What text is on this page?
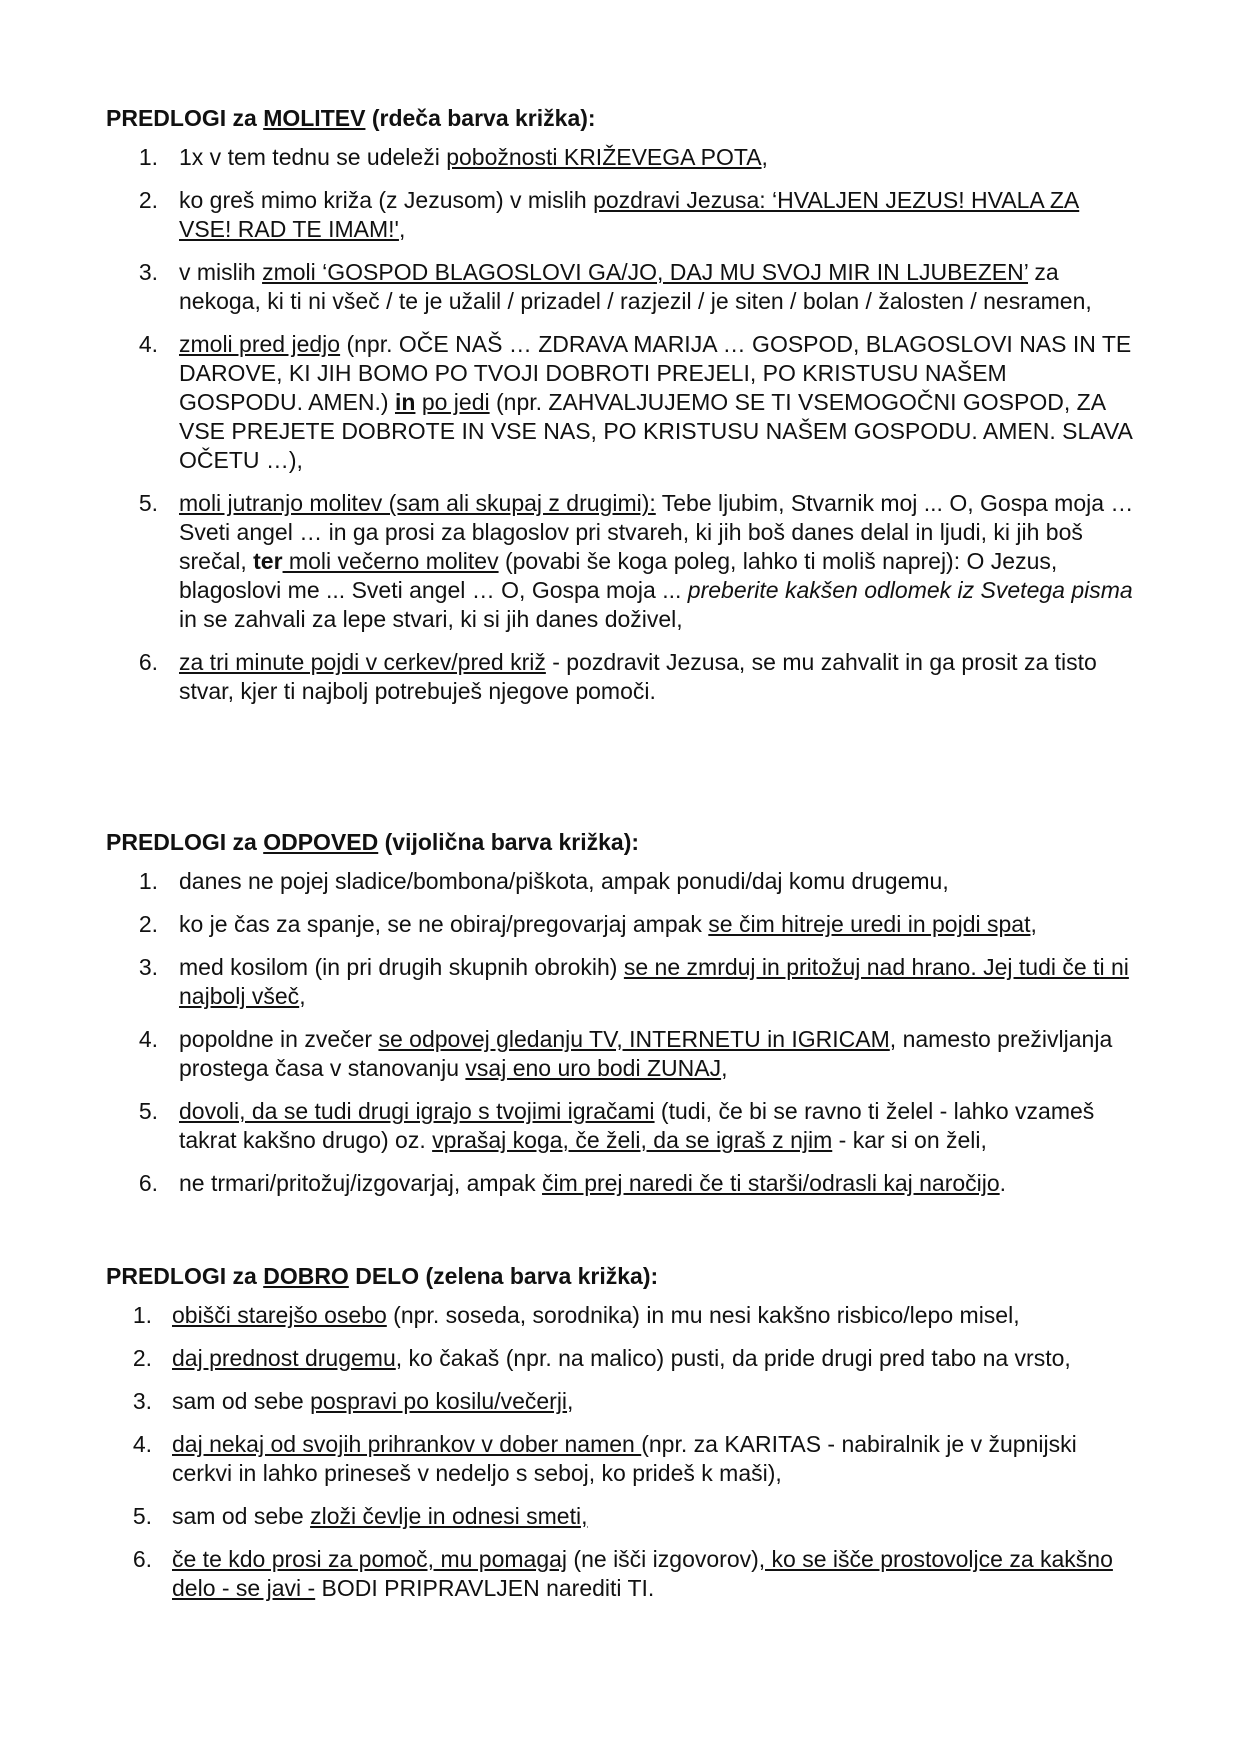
PREDLOGI za MOLITEV (rdeča barva križka):

1. 1x v tem tednu se udeleži pobožnosti KRIŽEVEGA POTA,
2. ko greš mimo križa (z Jezusom) v mislih pozdravi Jezusa: ‘HVALJEN JEZUS! HVALA ZA VSE! RAD TE IMAM!',
3. v mislih zmoli ‘GOSPOD BLAGOSLOVI GA/JO, DAJ MU SVOJ MIR IN LJUBEZEN’ za nekoga, ki ti ni všeč / te je užalil / prizadel / razjezil / je siten / bolan / žalosten / nesramen,
4. zmoli pred jedjo (npr. OČE NAŠ … ZDRAVA MARIJA … GOSPOD, BLAGOSLOVI NAS IN TE DAROVE, KI JIH BOMO PO TVOJI DOBROTI PREJELI, PO KRISTUSU NAŠEM GOSPODU. AMEN.) in po jedi (npr. ZAHVALJUJEMO SE TI VSEMOGOČNI GOSPOD, ZA VSE PREJETE DOBROTE IN VSE NAS, PO KRISTUSU NAŠEM GOSPODU. AMEN. SLAVA OČETU …),
5. moli jutranjo molitev (sam ali skupaj z drugimi): Tebe ljubim, Stvarnik moj ... O, Gospa moja … Sveti angel … in ga prosi za blagoslov pri stvareh, ki jih boš danes delal in ljudi, ki jih boš srečal, ter moli večerno molitev (povabi še koga poleg, lahko ti moliš naprej): O Jezus, blagoslovi me ... Sveti angel … O, Gospa moja ... preberite kakšen odlomek iz Svetega pisma in se zahvali za lepe stvari, ki si jih danes doživel,
6. za tri minute pojdi v cerkev/pred križ - pozdravit Jezusa, se mu zahvalit in ga prosit za tisto stvar, kjer ti najbolj potrebuješ njegove pomoči.

PREDLOGI za ODPOVED (vijolična barva križka):

1. danes ne pojej sladice/bombona/piškota, ampak ponudi/daj komu drugemu,
2. ko je čas za spanje, se ne obiraj/pregovarjaj ampak se čim hitreje uredi in pojdi spat,
3. med kosilom (in pri drugih skupnih obrokih) se ne zmrduj in pritožuj nad hrano. Jej tudi če ti ni najbolj všeč,
4. popoldne in zvečer se odpovej gledanju TV, INTERNETU in IGRICAM, namesto preživljanja prostega časa v stanovanju vsaj eno uro bodi ZUNAJ,
5. dovoli, da se tudi drugi igrajo s tvojimi igračami (tudi, če bi se ravno ti želel - lahko vzameš takrat kakšno drugo) oz. vprašaj koga, če želi, da se igraš z njim - kar si on želi,
6. ne trmari/pritožuj/izgovarjaj, ampak čim prej naredi če ti starši/odrasli kaj naročijo.

PREDLOGI za DOBRO DELO (zelena barva križka):

1. obišči starejšo osebo (npr. soseda, sorodnika) in mu nesi kakšno risbico/lepo misel,
2. daj prednost drugemu, ko čakaš (npr. na malico) pusti, da pride drugi pred tabo na vrsto,
3. sam od sebe pospravi po kosilu/večerji,
4. daj nekaj od svojih prihrankov v dober namen (npr. za KARITAS - nabiralnik je v župnijski cerkvi in lahko prineseš v nedeljo s seboj, ko prideš k maši),
5. sam od sebe zloži čevlje in odnesi smeti,
6. če te kdo prosi za pomoč, mu pomagaj (ne išči izgovorov), ko se išče prostovoljce za kakšno delo - se javi - BODI PRIPRAVLJEN narediti TI.
